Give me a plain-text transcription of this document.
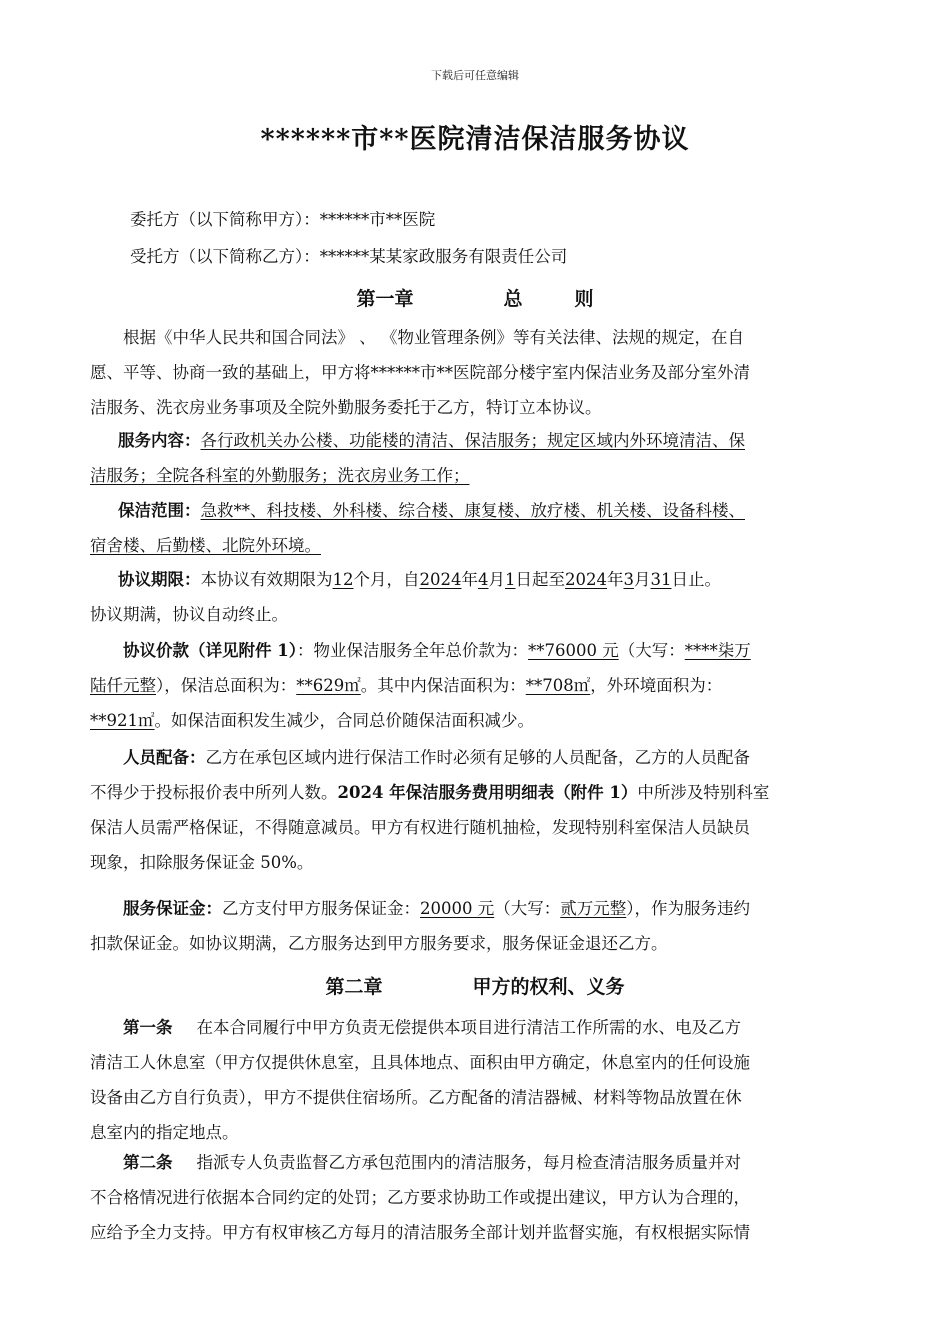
下载后可任意编辑
******市**医院清洁保洁服务协议
委托方（以下简称甲方）：******市**医院
受托方（以下简称乙方）：******某某家政服务有限责任公司
第一章	总	则
根据《中华人民共和国合同法》 、 《物业管理条例》等有关法律、法规的规定，在自
愿、平等、协商一致的基础上，甲方将******市**医院部分楼宇室内保洁业务及部分室外清
洁服务、洗衣房业务事项及全院外勤服务委托于乙方，特订立本协议。
服务内容：各行政机关办公楼、功能楼的清洁、保洁服务；规定区域内外环境清洁、保
洁服务；全院各科室的外勤服务；洗衣房业务工作；
保洁范围：急救**、科技楼、外科楼、综合楼、康复楼、放疗楼、机关楼、设备科楼、
宿舍楼、后勤楼、北院外环境。
协议期限：本协议有效期限为12个月，自2024年4月1日起至2024年3月31日止。
协议期满，协议自动终止。
协议价款（详见附件 1）：物业保洁服务全年总价款为：**76000 元（大写：****柒万
陆仟元整），保洁总面积为：**629㎡。其中内保洁面积为：**708㎡，外环境面积为：
**921㎡。如保洁面积发生减少，合同总价随保洁面积减少。
人员配备：乙方在承包区域内进行保洁工作时必须有足够的人员配备，乙方的人员配备
不得少于投标报价表中所列人数。2024 年保洁服务费用明细表（附件 1）中所涉及特别科室
保洁人员需严格保证，不得随意减员。甲方有权进行随机抽检，发现特别科室保洁人员缺员
现象，扣除服务保证金 50%。
服务保证金：乙方支付甲方服务保证金：20000 元（大写：贰万元整），作为服务违约
扣款保证金。如协议期满，乙方服务达到甲方服务要求，服务保证金退还乙方。
第二章	甲方的权利、义务
第一条 在本合同履行中甲方负责无偿提供本项目进行清洁工作所需的水、电及乙方
清洁工人休息室（甲方仅提供休息室，且具体地点、面积由甲方确定，休息室内的任何设施
设备由乙方自行负责），甲方不提供住宿场所。乙方配备的清洁器械、材料等物品放置在休
息室内的指定地点。
第二条 指派专人负责监督乙方承包范围内的清洁服务，每月检查清洁服务质量并对
不合格情况进行依据本合同约定的处罚；乙方要求协助工作或提出建议，甲方认为合理的，
应给予全力支持。甲方有权审核乙方每月的清洁服务全部计划并监督实施，有权根据实际情
